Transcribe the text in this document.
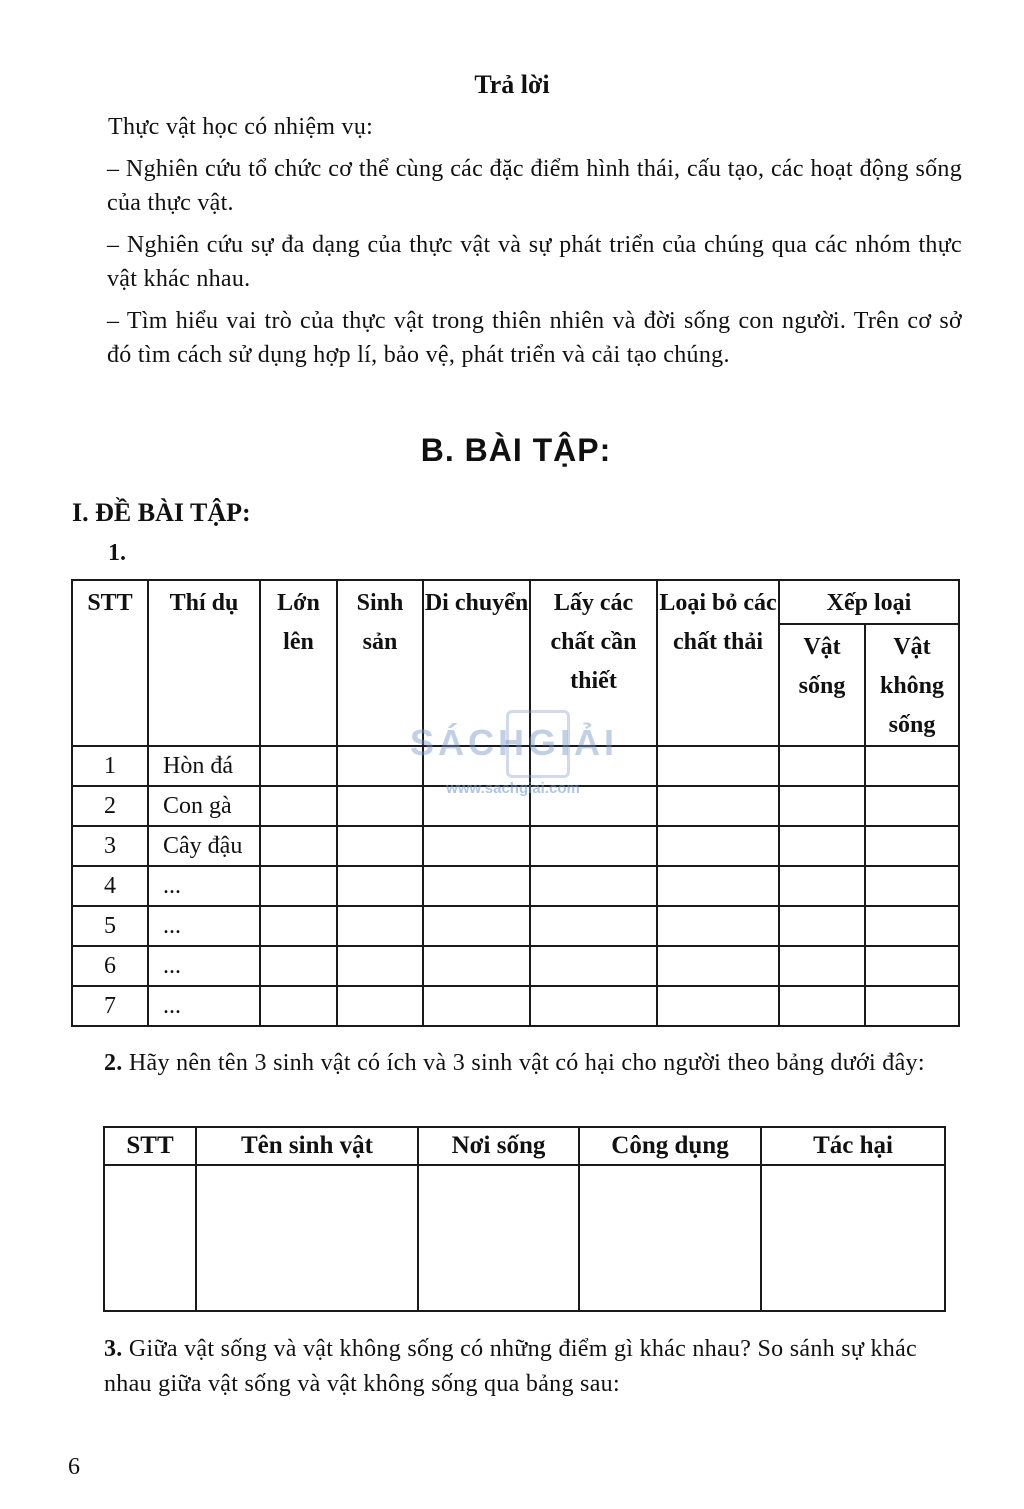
Trả lời
Thực vật học có nhiệm vụ:
– Nghiên cứu tổ chức cơ thể cùng các đặc điểm hình thái, cấu tạo, các hoạt động sống của thực vật.
– Nghiên cứu sự đa dạng của thực vật và sự phát triển của chúng qua các nhóm thực vật khác nhau.
– Tìm hiểu vai trò của thực vật trong thiên nhiên và đời sống con người. Trên cơ sở đó tìm cách sử dụng hợp lí, bảo vệ, phát triển và cải tạo chúng.
B. BÀI TẬP:
I. ĐỀ BÀI TẬP:
1.
STT	Thí dụ	Lớn lên	Sinh sản	Di chuyển	Lấy các chất cần thiết	Loại bỏ các chất thải	Xếp loại	
							Vật sống	Vật không sống
1	Hòn đá							
2	Con gà							
3	Cây đậu							
4	...							
5	...							
6	...							
7	...							
2. Hãy nên tên 3 sinh vật có ích và 3 sinh vật có hại cho người theo bảng dưới đây:
STT	Tên sinh vật	Nơi sống	Công dụng	Tác hại

3. Giữa vật sống và vật không sống có những điểm gì khác nhau? So sánh sự khác nhau giữa vật sống và vật không sống qua bảng sau:
SÁCHGIẢI
www.sachgiai.com
6
